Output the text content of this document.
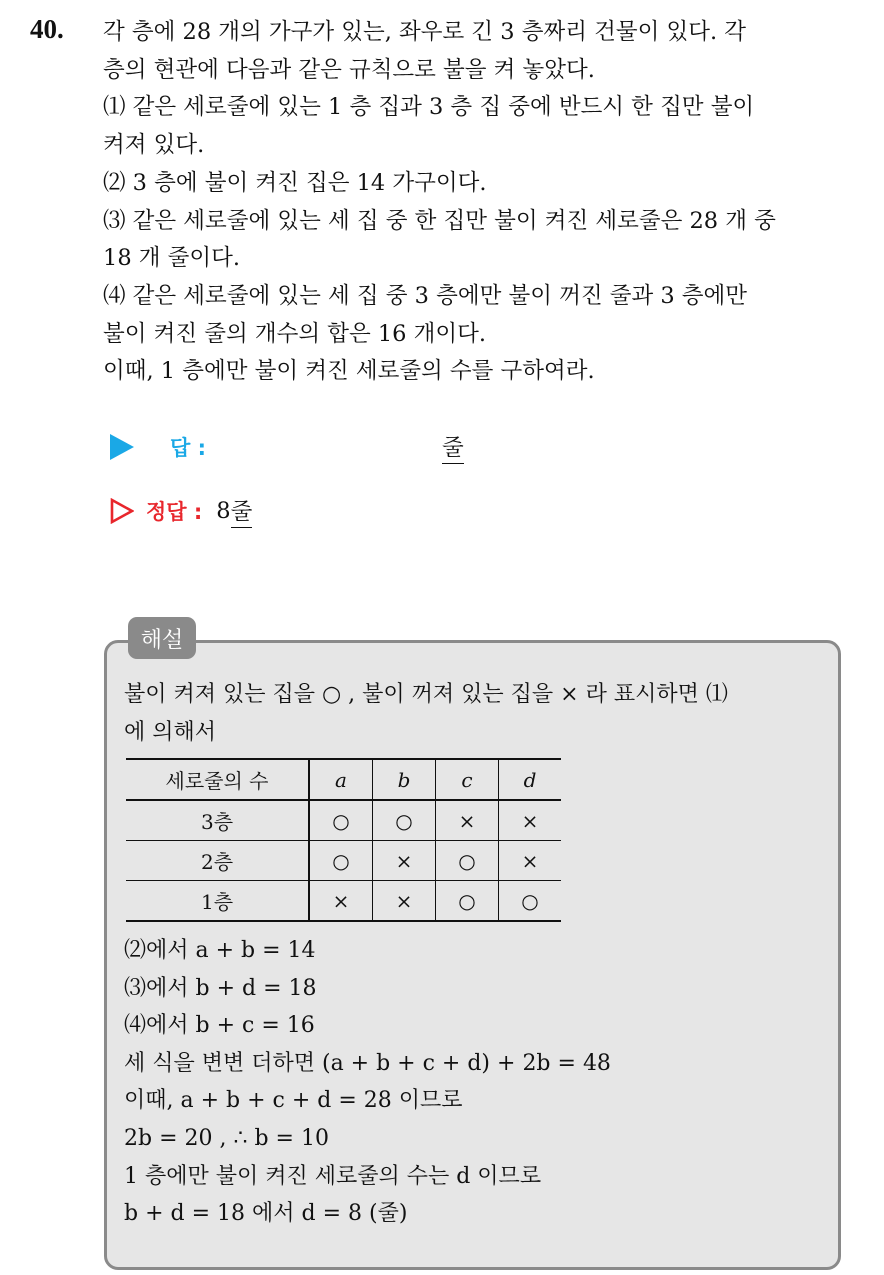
40. 각 층에 28 개의 가구가 있는, 좌우로 긴 3 층짜리 건물이 있다. 각
층의 현관에 다음과 같은 규칙으로 불을 켜 놓았다.
⑴ 같은 세로줄에 있는 1 층 집과 3 층 집 중에 반드시 한 집만 불이
켜져 있다.
⑵ 3 층에 불이 켜진 집은 14 가구이다.
⑶ 같은 세로줄에 있는 세 집 중 한 집만 불이 켜진 세로줄은 28 개 중
18 개 줄이다.
⑷ 같은 세로줄에 있는 세 집 중 3 층에만 불이 꺼진 줄과 3 층에만
불이 켜진 줄의 개수의 합은 16 개이다.
이때, 1 층에만 불이 켜진 세로줄의 수를 구하여라.
답 :	줄
정답 : 8 줄
해설
불이 켜져 있는 집을 ○ , 불이 꺼져 있는 집을 × 라 표시하면 ⑴
에 의해서
세로줄의 수	a	b	c	d
3층	○	○	×	×
2층	○	×	○	×
1층	×	×	○	○
⑵에서 a + b = 14
⑶에서 b + d = 18
⑷에서 b + c = 16
세 식을 변변 더하면 (a + b + c + d) + 2b = 48
이때, a + b + c + d = 28 이므로
2b = 20 , ∴ b = 10
1 층에만 불이 켜진 세로줄의 수는 d 이므로
b + d = 18 에서 d = 8 (줄)
